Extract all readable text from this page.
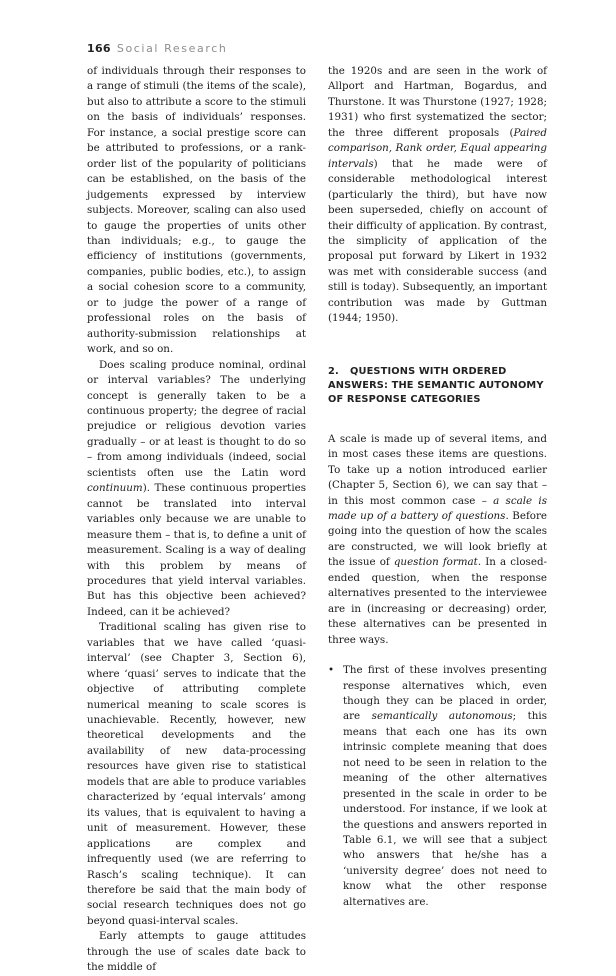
166 Social Research

of individuals through their responses to a range of stimuli (the items of the scale), but also to attribute a score to the stimuli on the basis of individuals’ responses. For instance, a social prestige score can be attributed to professions, or a rank-order list of the popularity of politicians can be established, on the basis of the judgements expressed by interview subjects. Moreover, scaling can also used to gauge the properties of units other than individuals; e.g., to gauge the efficiency of institutions (governments, companies, public bodies, etc.), to assign a social cohesion score to a community, or to judge the power of a range of professional roles on the basis of authority-submission relationships at work, and so on.

Does scaling produce nominal, ordinal or interval variables? The underlying concept is generally taken to be a continuous property; the degree of racial prejudice or religious devotion varies gradually – or at least is thought to do so – from among individuals (indeed, social scientists often use the Latin word continuum). These continuous properties cannot be translated into interval variables only because we are unable to measure them – that is, to define a unit of measurement. Scaling is a way of dealing with this problem by means of procedures that yield interval variables. But has this objective been achieved? Indeed, can it be achieved?

Traditional scaling has given rise to variables that we have called ‘quasi-interval’ (see Chapter 3, Section 6), where ‘quasi’ serves to indicate that the objective of attributing complete numerical meaning to scale scores is unachievable. Recently, however, new theoretical developments and the availability of new data-processing resources have given rise to statistical models that are able to produce variables characterized by ‘equal intervals’ among its values, that is equivalent to having a unit of measurement. However, these applications are complex and infrequently used (we are referring to Rasch’s scaling technique). It can therefore be said that the main body of social research techniques does not go beyond quasi-interval scales.

Early attempts to gauge attitudes through the use of scales date back to the middle of

the 1920s and are seen in the work of Allport and Hartman, Bogardus, and Thurstone. It was Thurstone (1927; 1928; 1931) who first systematized the sector; the three different proposals (Paired comparison, Rank order, Equal appearing intervals) that he made were of considerable methodological interest (particularly the third), but have now been superseded, chiefly on account of their difficulty of application. By contrast, the simplicity of application of the proposal put forward by Likert in 1932 was met with considerable success (and still is today). Subsequently, an important contribution was made by Guttman (1944; 1950).

2. QUESTIONS WITH ORDERED ANSWERS: THE SEMANTIC AUTONOMY OF RESPONSE CATEGORIES

A scale is made up of several items, and in most cases these items are questions. To take up a notion introduced earlier (Chapter 5, Section 6), we can say that – in this most common case – a scale is made up of a battery of questions. Before going into the question of how the scales are constructed, we will look briefly at the issue of question format. In a closed-ended question, when the response alternatives presented to the interviewee are in (increasing or decreasing) order, these alternatives can be presented in three ways.

• The first of these involves presenting response alternatives which, even though they can be placed in order, are semantically autonomous; this means that each one has its own intrinsic complete meaning that does not need to be seen in relation to the meaning of the other alternatives presented in the scale in order to be understood. For instance, if we look at the questions and answers reported in Table 6.1, we will see that a subject who answers that he/she has a ‘university degree’ does not need to know what the other response alternatives are.
